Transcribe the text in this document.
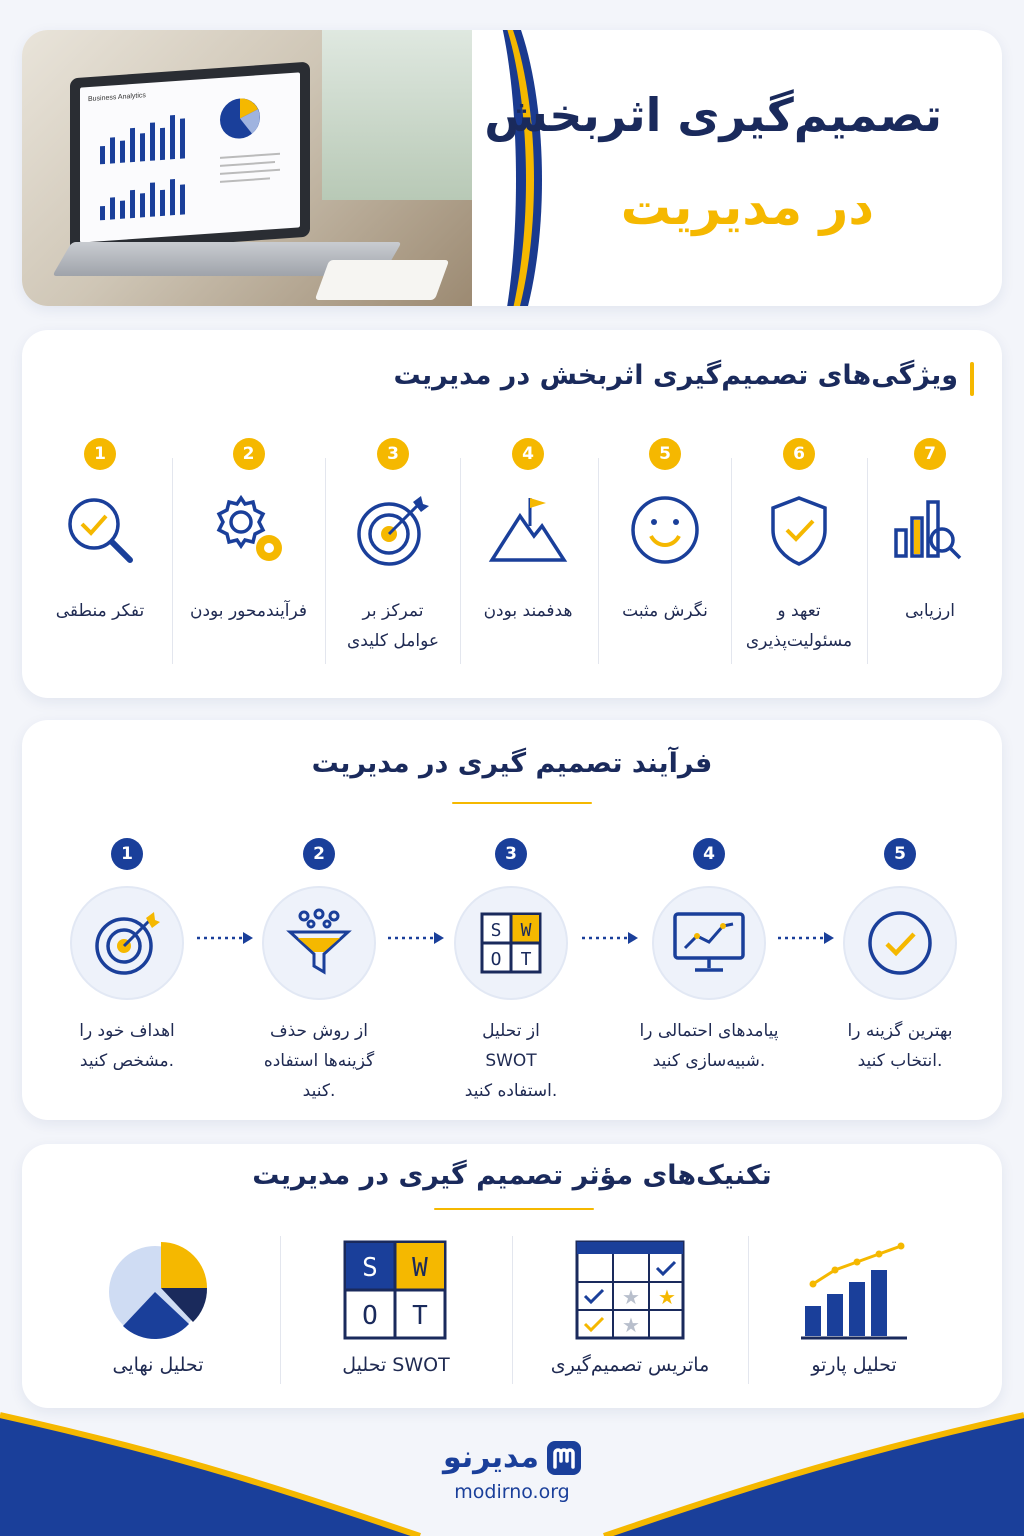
Business Analytics	تصمیم‌گیری اثربخش
در مدیریت
ویژگی‌های تصمیم‌گیری اثربخش در مدیریت
7
ارزیابی
6
تعهد و مسئولیت‌پذیری
5
نگرش مثبت
4
هدفمند بودن
3
تمرکز بر عوامل کلیدی
2
فرآیندمحور بودن
1
تفکر منطقی
فرآیند تصمیم گیری در مدیریت
5
بهترین گزینه را انتخاب کنید.
4
پیامدهای احتمالی را شبیه‌سازی کنید.
3
S W
O T
از تحلیل SWOT استفاده کنید.
2
از روش حذف گزینه‌ها استفاده کنید.
1
اهداف خود را مشخص کنید.
تکنیک‌های مؤثر تصمیم گیری در مدیریت
تحلیل پارتو
★ ★
★
ماتریس تصمیم‌گیری
S W
O T
تحلیل SWOT
تحلیل نهایی
مدیرنو
modirno.org
